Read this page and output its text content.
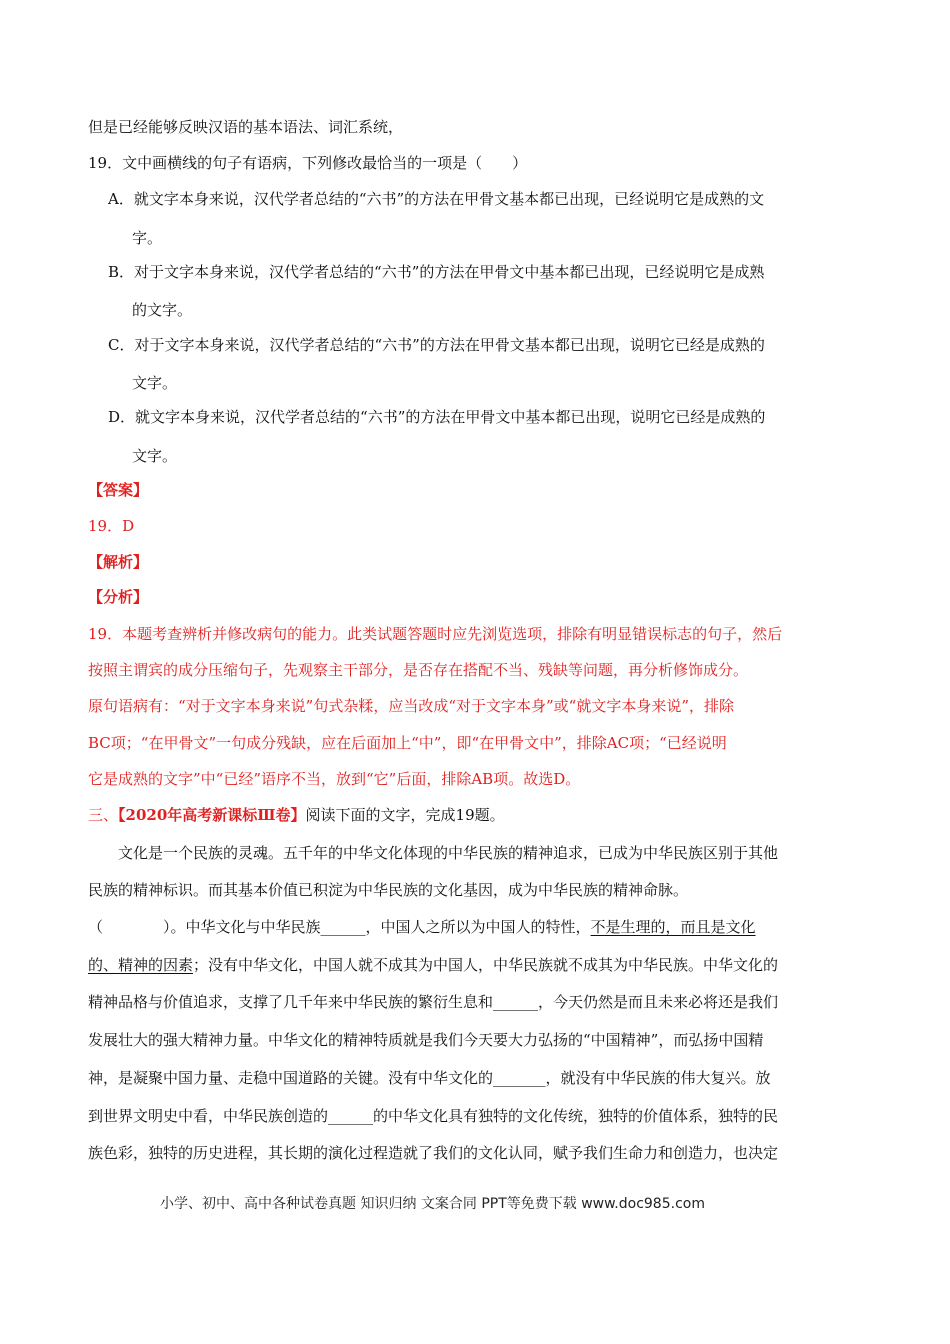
但是已经能够反映汉语的基本语法、词汇系统，
19．文中画横线的句子有语病，下列修改最恰当的一项是（　　）
A．就文字本身来说，汉代学者总结的“六书”的方法在甲骨文基本都已出现，已经说明它是成熟的文
字。
B．对于文字本身来说，汉代学者总结的“六书”的方法在甲骨文中基本都已出现，已经说明它是成熟
的文字。
C．对于文字本身来说，汉代学者总结的“六书”的方法在甲骨文基本都已出现，说明它已经是成熟的
文字。
D．就文字本身来说，汉代学者总结的“六书”的方法在甲骨文中基本都已出现，说明它已经是成熟的
文字。
【答案】
19．D
【解析】
【分析】
19．本题考查辨析并修改病句的能力。此类试题答题时应先浏览选项，排除有明显错误标志的句子，然后
按照主谓宾的成分压缩句子，先观察主干部分，是否存在搭配不当、残缺等问题，再分析修饰成分。
原句语病有：“对于文字本身来说”句式杂糅，应当改成“对于文字本身”或“就文字本身来说”，排除
BC项；“在甲骨文”一句成分残缺，应在后面加上“中”，即“在甲骨文中”，排除AC项；“已经说明
它是成熟的文字”中“已经”语序不当，放到“它”后面，排除AB项。故选D。
三、【2020年高考新课标Ⅲ卷】阅读下面的文字，完成19题。
　　文化是一个民族的灵魂。五千年的中华文化体现的中华民族的精神追求，已成为中华民族区别于其他
民族的精神标识。而其基本价值已积淀为中华民族的文化基因，成为中华民族的精神命脉。
（　　　　）。中华文化与中华民族______，中国人之所以为中国人的特性，不是生理的，而且是文化
的、精神的因素；没有中华文化，中国人就不成其为中国人，中华民族就不成其为中华民族。中华文化的
精神品格与价值追求，支撑了几千年来中华民族的繁衍生息和______，今天仍然是而且未来必将还是我们
发展壮大的强大精神力量。中华文化的精神特质就是我们今天要大力弘扬的“中国精神”，而弘扬中国精
神，是凝聚中国力量、走稳中国道路的关键。没有中华文化的_______，就没有中华民族的伟大复兴。放
到世界文明史中看，中华民族创造的______的中华文化具有独特的文化传统，独特的价值体系，独特的民
族色彩，独特的历史进程，其长期的演化过程造就了我们的文化认同，赋予我们生命力和创造力，也决定
小学、初中、高中各种试卷真题 知识归纳 文案合同 PPT等免费下载 www.doc985.com
